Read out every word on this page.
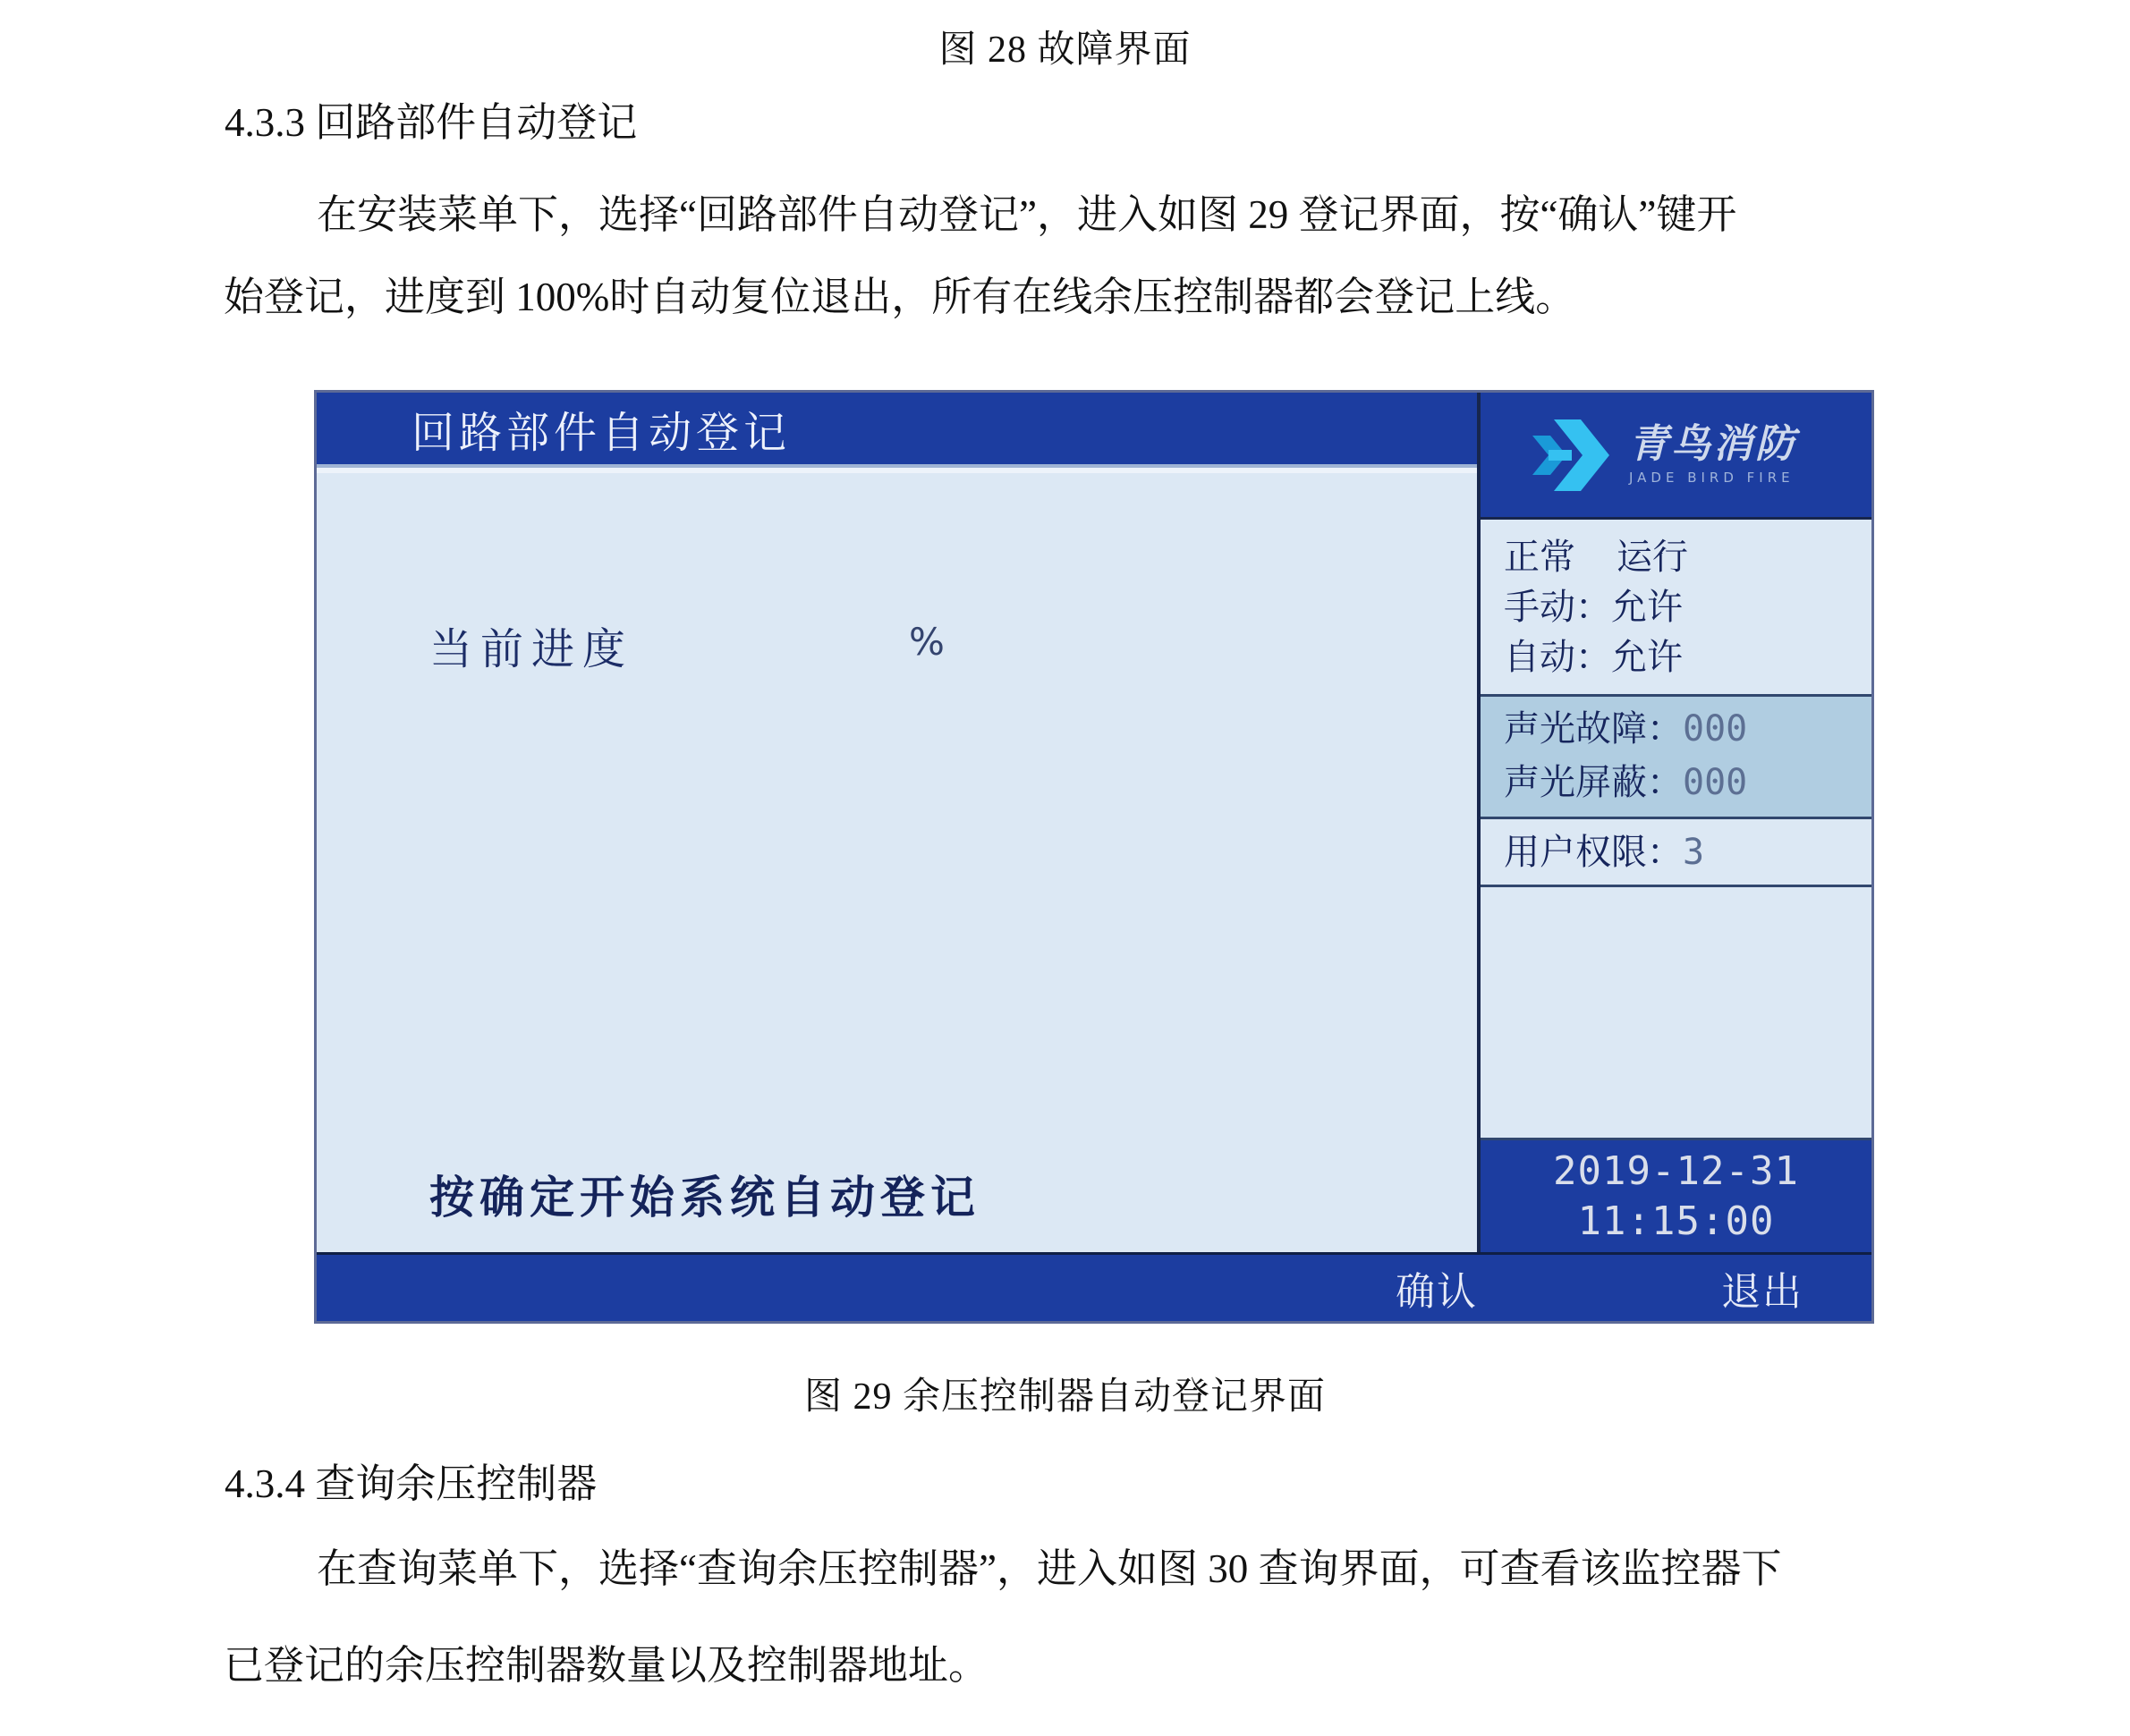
图 28 故障界面
4.3.3 回路部件自动登记
在安装菜单下，选择“回路部件自动登记”，进入如图 29 登记界面，按“确认”键开
始登记，进度到 100%时自动复位退出，所有在线余压控制器都会登记上线。
回路部件自动登记
当前进度	%
按确定开始系统自动登记
青鸟消防
JADE BIRD FIRE
正常 运行
手动：允许
自动：允许
声光故障：000
声光屏蔽：000
用户权限：3
2019-12-31
11:15:00
确认	退出
图 29 余压控制器自动登记界面
4.3.4 查询余压控制器
在查询菜单下，选择“查询余压控制器”，进入如图 30 查询界面，可查看该监控器下
已登记的余压控制器数量以及控制器地址。
